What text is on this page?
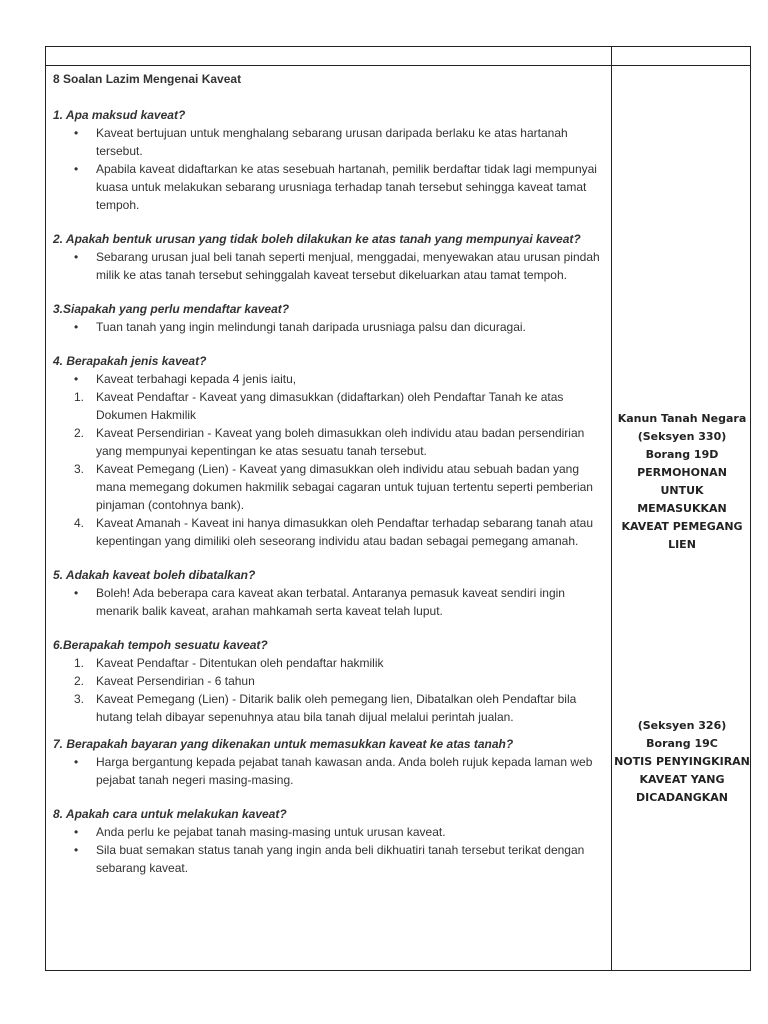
8 Soalan Lazim Mengenai Kaveat

1. Apa maksud kaveat?

• Kaveat bertujuan untuk menghalang sebarang urusan daripada berlaku ke atas hartanah tersebut.
• Apabila kaveat didaftarkan ke atas sesebuah hartanah, pemilik berdaftar tidak lagi mempunyai kuasa untuk melakukan sebarang urusniaga terhadap tanah tersebut sehingga kaveat tamat tempoh.

2. Apakah bentuk urusan yang tidak boleh dilakukan ke atas tanah yang mempunyai kaveat?

• Sebarang urusan jual beli tanah seperti menjual, menggadai, menyewakan atau urusan pindah milik ke atas tanah tersebut sehinggalah kaveat tersebut dikeluarkan atau tamat tempoh.

3.Siapakah yang perlu mendaftar kaveat?

• Tuan tanah yang ingin melindungi tanah daripada urusniaga palsu dan dicuragai.

4. Berapakah jenis kaveat?

• Kaveat terbahagi kepada 4 jenis iaitu,
1. Kaveat Pendaftar - Kaveat yang dimasukkan (didaftarkan) oleh Pendaftar Tanah ke atas Dokumen Hakmilik
2. Kaveat Persendirian - Kaveat yang boleh dimasukkan oleh individu atau badan persendirian yang mempunyai kepentingan ke atas sesuatu tanah tersebut.
3. Kaveat Pemegang (Lien) - Kaveat yang dimasukkan oleh individu atau sebuah badan yang mana memegang dokumen hakmilik sebagai cagaran untuk tujuan tertentu seperti pemberian pinjaman (contohnya bank).
4. Kaveat Amanah - Kaveat ini hanya dimasukkan oleh Pendaftar terhadap sebarang tanah atau kepentingan yang dimiliki oleh seseorang individu atau badan sebagai pemegang amanah.

5. Adakah kaveat boleh dibatalkan?

• Boleh! Ada beberapa cara kaveat akan terbatal. Antaranya pemasuk kaveat sendiri ingin menarik balik kaveat, arahan mahkamah serta kaveat telah luput.

6.Berapakah tempoh sesuatu kaveat?

1. Kaveat Pendaftar - Ditentukan oleh pendaftar hakmilik
2. Kaveat Persendirian - 6 tahun
3. Kaveat Pemegang (Lien) - Ditarik balik oleh pemegang lien, Dibatalkan oleh Pendaftar bila hutang telah dibayar sepenuhnya atau bila tanah dijual melalui perintah jualan.

7. Berapakah bayaran yang dikenakan untuk memasukkan kaveat ke atas tanah?

• Harga bergantung kepada pejabat tanah kawasan anda. Anda boleh rujuk kepada laman web pejabat tanah negeri masing-masing.

8. Apakah cara untuk melakukan kaveat?

• Anda perlu ke pejabat tanah masing-masing untuk urusan kaveat.
• Sila buat semakan status tanah yang ingin anda beli dikhuatiri tanah tersebut terikat dengan sebarang kaveat.

Kanun Tanah Negara

(Seksyen 330)

Borang 19D

PERMOHONAN

UNTUK

MEMASUKKAN

KAVEAT PEMEGANG

LIEN

(Seksyen 326)

Borang 19C

NOTIS PENYINGKIRAN

KAVEAT YANG

DICADANGKAN
